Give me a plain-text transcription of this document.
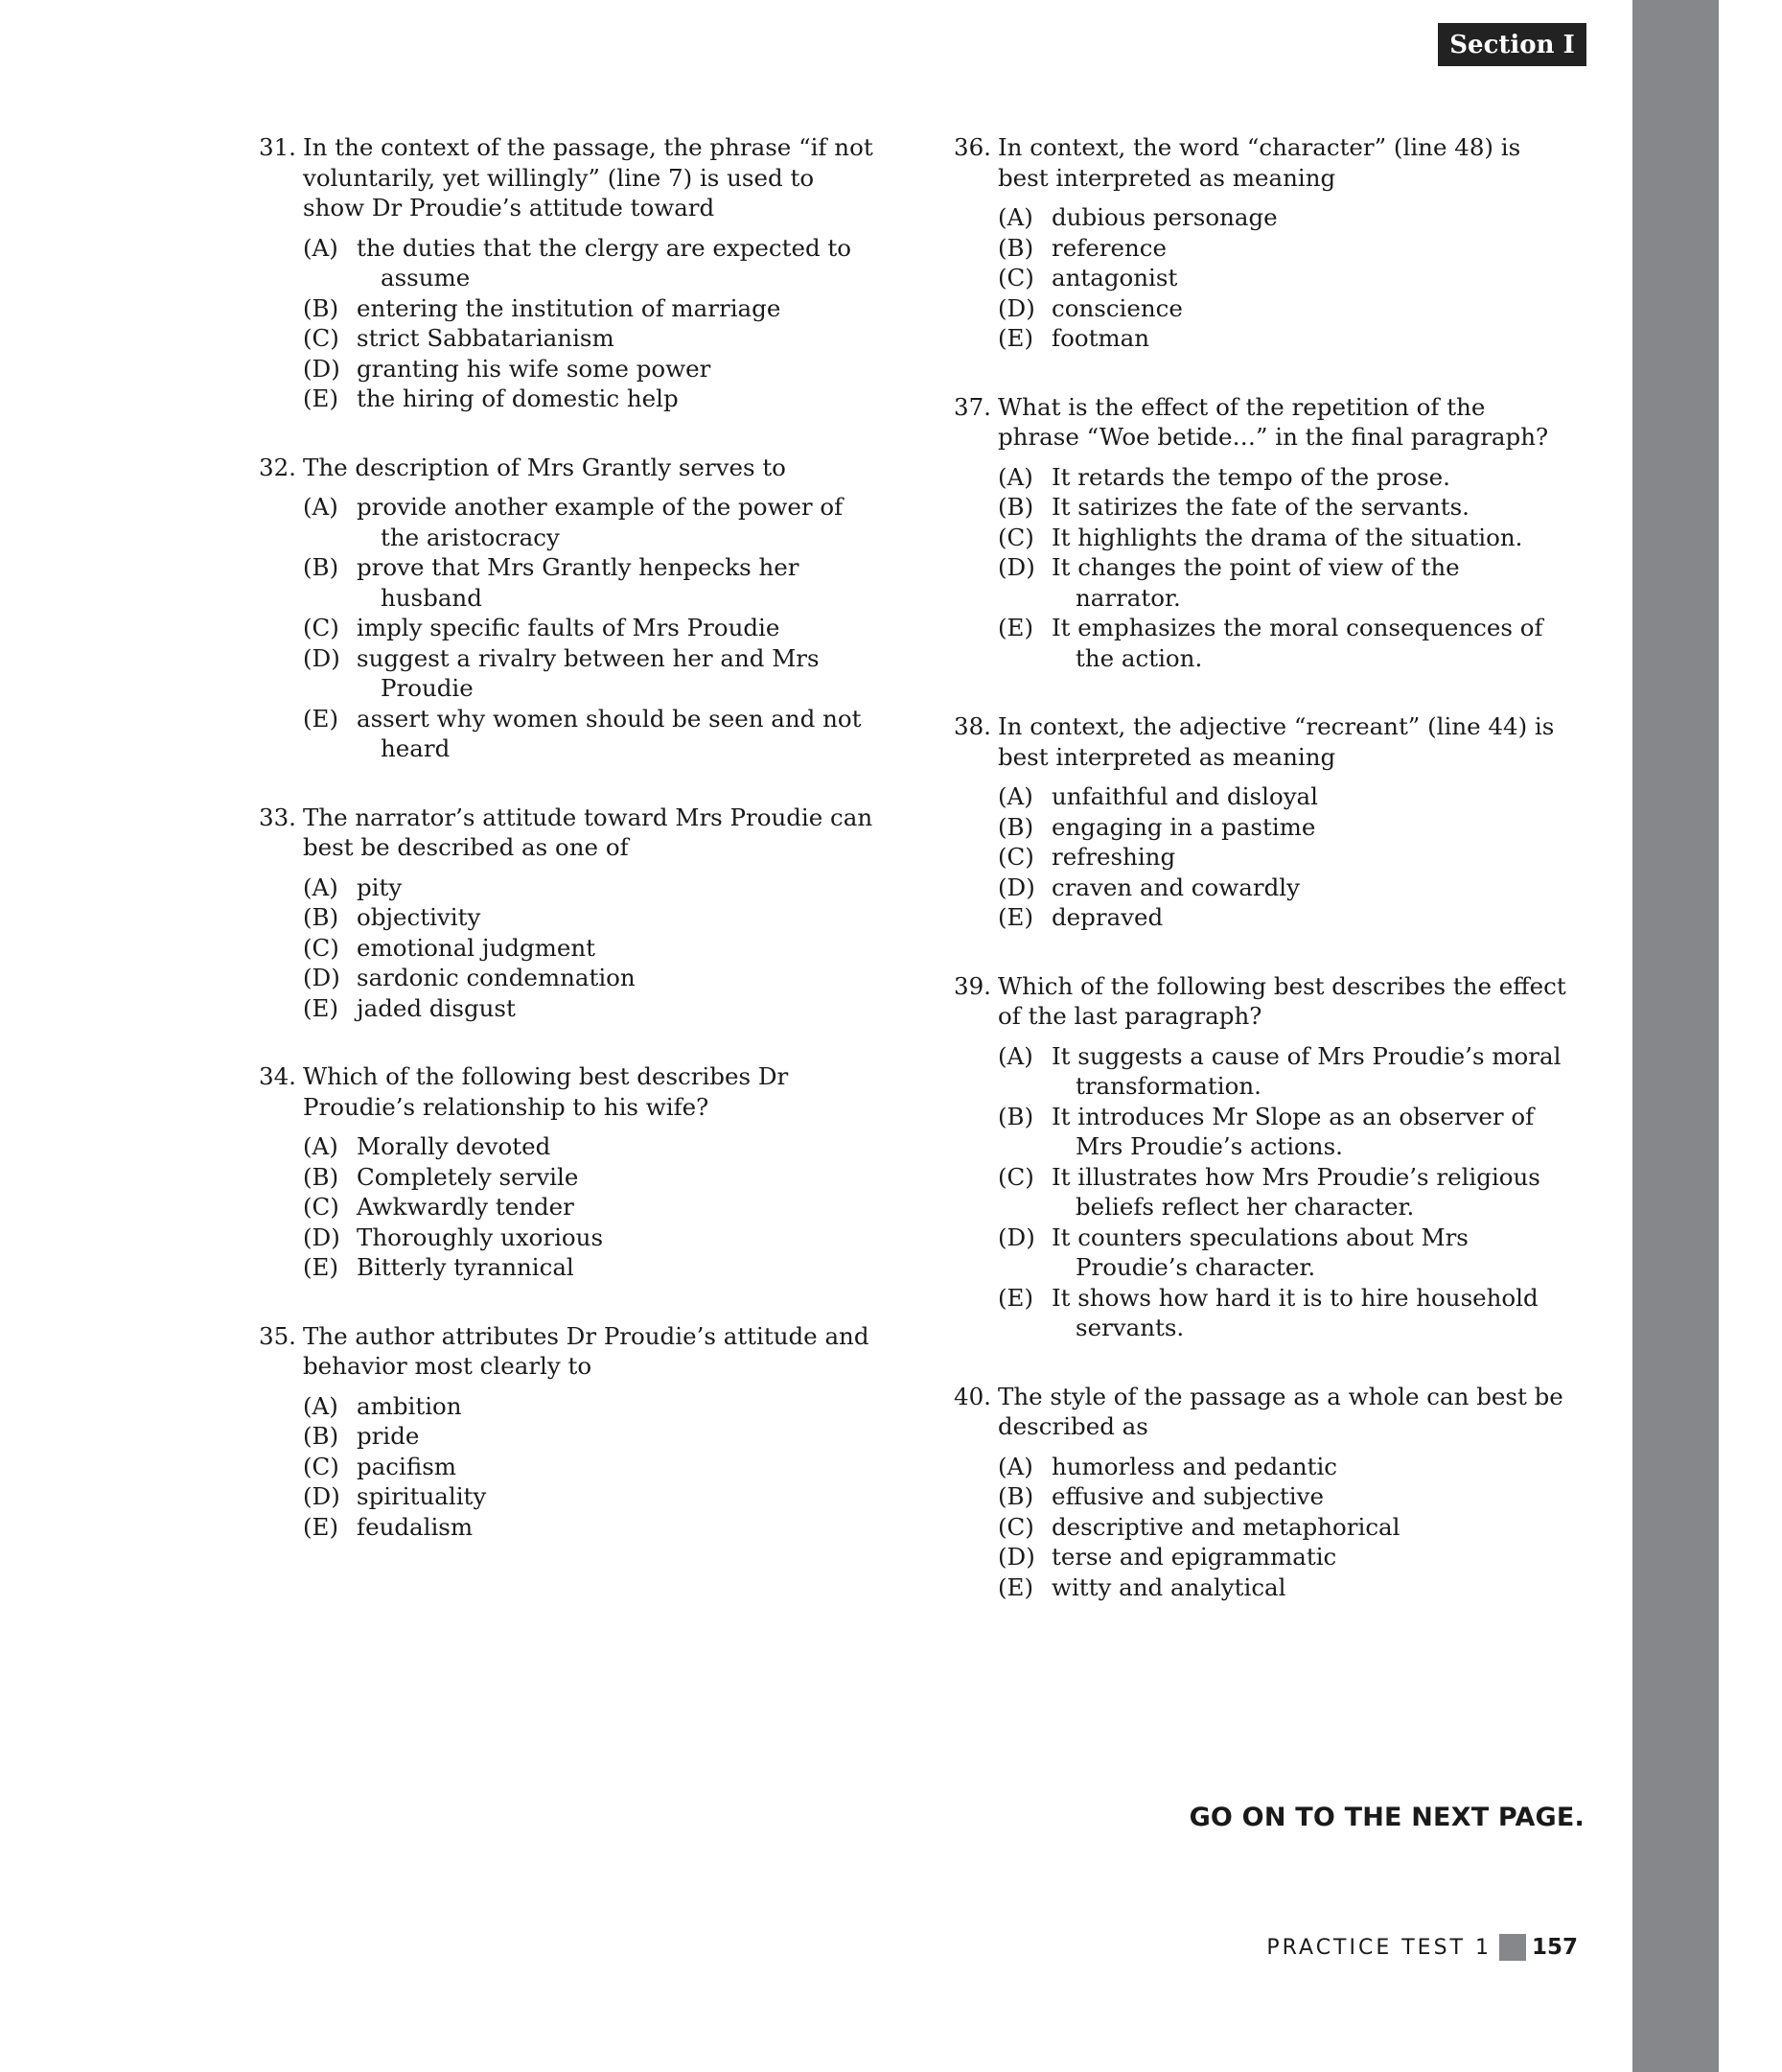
Section I
31. In the context of the passage, the phrase “if not voluntarily, yet willingly” (line 7) is used to show Dr Proudie’s attitude toward
(A) the duties that the clergy are expected to assume
(B) entering the institution of marriage
(C) strict Sabbatarianism
(D) granting his wife some power
(E) the hiring of domestic help
32. The description of Mrs Grantly serves to
(A) provide another example of the power of the aristocracy
(B) prove that Mrs Grantly henpecks her husband
(C) imply specific faults of Mrs Proudie
(D) suggest a rivalry between her and Mrs Proudie
(E) assert why women should be seen and not heard
33. The narrator’s attitude toward Mrs Proudie can best be described as one of
(A) pity
(B) objectivity
(C) emotional judgment
(D) sardonic condemnation
(E) jaded disgust
34. Which of the following best describes Dr Proudie’s relationship to his wife?
(A) Morally devoted
(B) Completely servile
(C) Awkwardly tender
(D) Thoroughly uxorious
(E) Bitterly tyrannical
35. The author attributes Dr Proudie’s attitude and behavior most clearly to
(A) ambition
(B) pride
(C) pacifism
(D) spirituality
(E) feudalism
36. In context, the word “character” (line 48) is best interpreted as meaning
(A) dubious personage
(B) reference
(C) antagonist
(D) conscience
(E) footman
37. What is the effect of the repetition of the phrase “Woe betide…” in the final paragraph?
(A) It retards the tempo of the prose.
(B) It satirizes the fate of the servants.
(C) It highlights the drama of the situation.
(D) It changes the point of view of the narrator.
(E) It emphasizes the moral consequences of the action.
38. In context, the adjective “recreant” (line 44) is best interpreted as meaning
(A) unfaithful and disloyal
(B) engaging in a pastime
(C) refreshing
(D) craven and cowardly
(E) depraved
39. Which of the following best describes the effect of the last paragraph?
(A) It suggests a cause of Mrs Proudie’s moral transformation.
(B) It introduces Mr Slope as an observer of Mrs Proudie’s actions.
(C) It illustrates how Mrs Proudie’s religious beliefs reflect her character.
(D) It counters speculations about Mrs Proudie’s character.
(E) It shows how hard it is to hire household servants.
40. The style of the passage as a whole can best be described as
(A) humorless and pedantic
(B) effusive and subjective
(C) descriptive and metaphorical
(D) terse and epigrammatic
(E) witty and analytical
GO ON TO THE NEXT PAGE.
PRACTICE TEST 1 157
